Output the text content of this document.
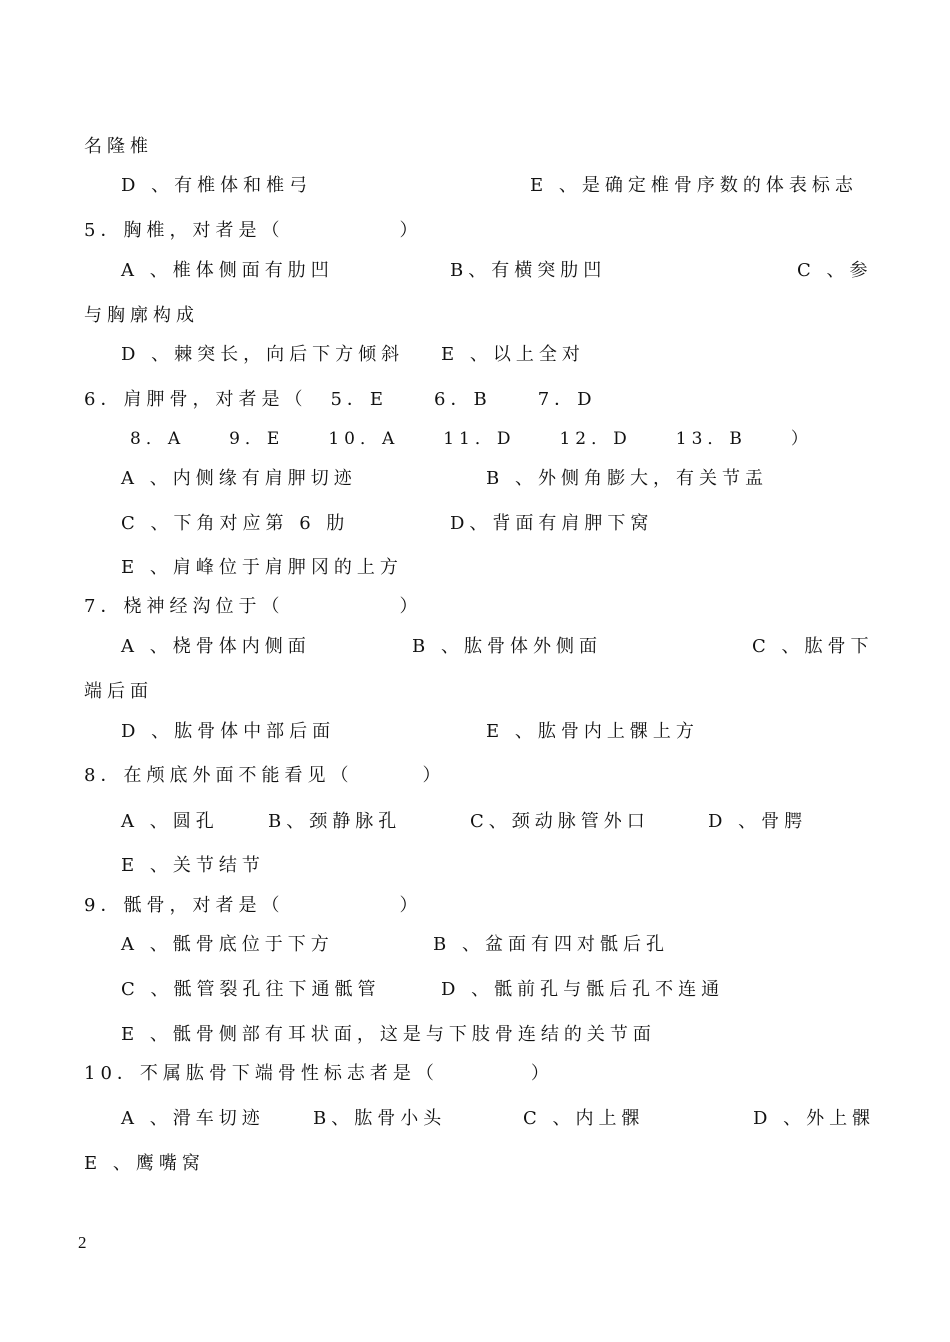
名隆椎
D 、有椎体和椎弓	E 、是确定椎骨序数的体表标志
5．胸椎，对者是（　　　　　）
A 、椎体侧面有肋凹	B、有横突肋凹	C 、参
与胸廓构成
D 、棘突长，向后下方倾斜 E 、以上全对
6．肩胛骨，对者是（　5．E　　6．B　　7．D
8．A　　9．E　　10．A　　11．D　　12．D　　13．B　　）
A 、内侧缘有肩胛切迹	B 、外侧角膨大，有关节盂
C 、下角对应第 6 肋	D、背面有肩胛下窝
E 、肩峰位于肩胛冈的上方
7．桡神经沟位于（　　　　　）
A 、桡骨体内侧面	B 、肱骨体外侧面	C 、肱骨下
端后面
D 、肱骨体中部后面	E 、肱骨内上髁上方
8．在颅底外面不能看见（　　　）
A 、圆孔	B、颈静脉孔	C、颈动脉管外口	D 、骨腭
E 、关节结节
9．骶骨，对者是（　　　　　）
A 、骶骨底位于下方	B 、盆面有四对骶后孔
C 、骶管裂孔往下通骶管	D 、骶前孔与骶后孔不连通
E 、骶骨侧部有耳状面，这是与下肢骨连结的关节面
10．不属肱骨下端骨性标志者是（　　　　）
A 、滑车切迹	B、肱骨小头	C 、内上髁	D 、外上髁
E 、鹰嘴窝
2
